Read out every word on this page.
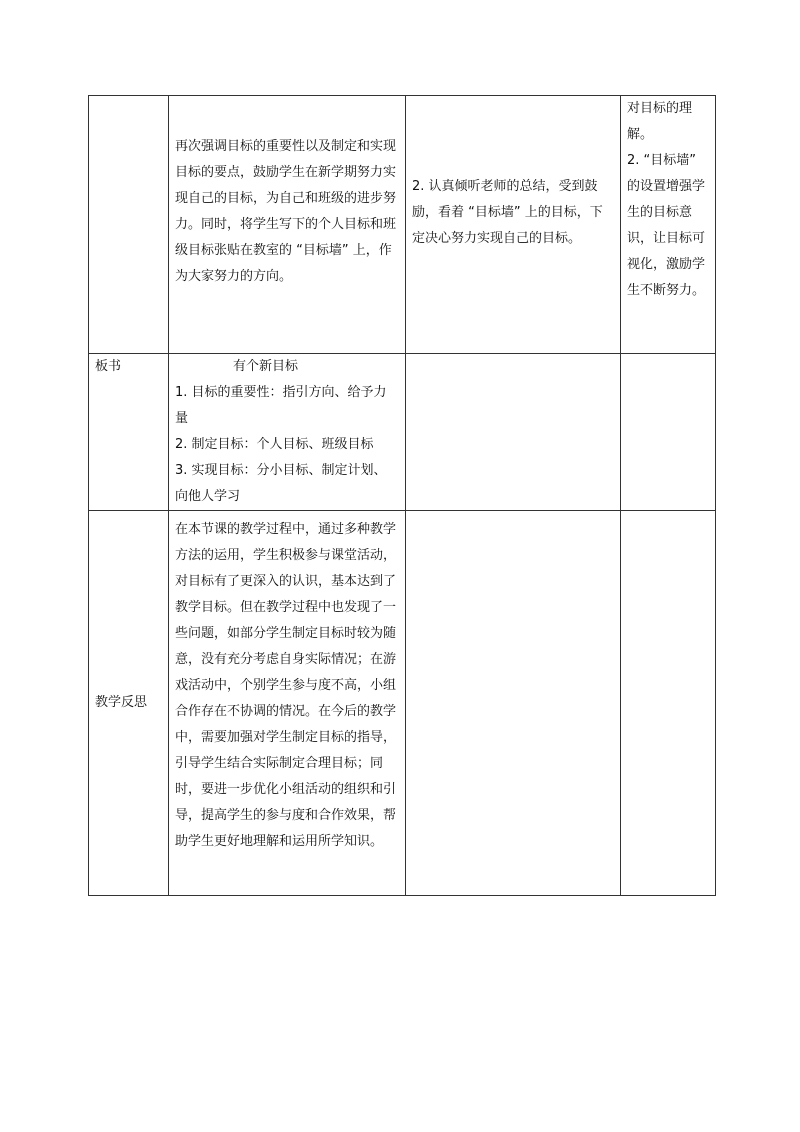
	再次强调目标的重要性以及制定和实现目标的要点，鼓励学生在新学期努力实现自己的目标，为自己和班级的进步努力。同时，将学生写下的个人目标和班级目标张贴在教室的 “目标墙” 上，作为大家努力的方向。	2. 认真倾听老师的总结，受到鼓励，看着 “目标墙” 上的目标，下定决心努力实现自己的目标。	对目标的理解。
2. “目标墙” 的设置增强学生的目标意识，让目标可视化，激励学生不断努力。

板书	有个新目标
1. 目标的重要性：指引方向、给予力量
2. 制定目标：个人目标、班级目标
3. 实现目标：分小目标、制定计划、向他人学习		

教学反思	在本节课的教学过程中，通过多种教学方法的运用，学生积极参与课堂活动，对目标有了更深入的认识，基本达到了教学目标。但在教学过程中也发现了一些问题，如部分学生制定目标时较为随意，没有充分考虑自身实际情况；在游戏活动中，个别学生参与度不高，小组合作存在不协调的情况。在今后的教学中，需要加强对学生制定目标的指导，引导学生结合实际制定合理目标；同时，要进一步优化小组活动的组织和引导，提高学生的参与度和合作效果，帮助学生更好地理解和运用所学知识。		
